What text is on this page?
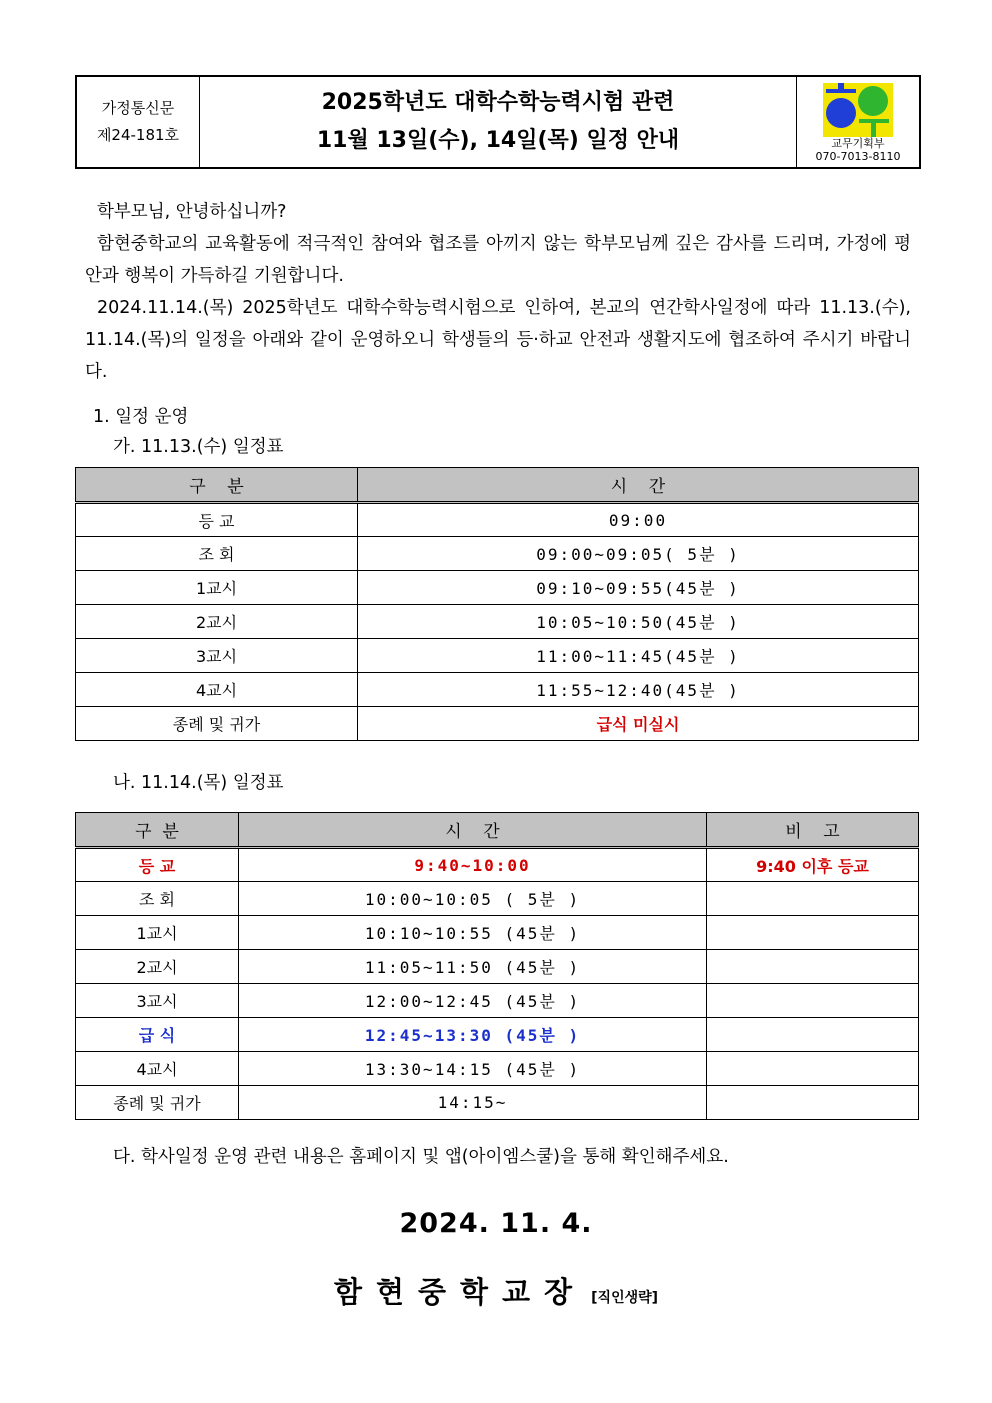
가정통신문
제24-181호
2025학년도 대학수학능력시험 관련
11월 13일(수), 14일(목) 일정 안내	교무기획부
070-7013-8110

학부모님, 안녕하십니까?

함현중학교의 교육활동에 적극적인 참여와 협조를 아끼지 않는 학부모님께 깊은 감사를 드리며, 가정에 평안과 행복이 가득하길 기원합니다.

2024.11.14.(목) 2025학년도 대학수학능력시험으로 인하여, 본교의 연간학사일정에 따라 11.13.(수), 11.14.(목)의 일정을 아래와 같이 운영하오니 학생들의 등·하교 안전과 생활지도에 협조하여 주시기 바랍니다.

1. 일정 운영
가. 11.13.(수) 일정표
구    분	시    간
등 교	09:00
조 회	09:00~09:05( 5분 )
1교시	09:10~09:55(45분 )
2교시	10:05~10:50(45분 )
3교시	11:00~11:45(45분 )
4교시	11:55~12:40(45분 )
종례 및 귀가	급식 미실시
나. 11.14.(목) 일정표
구  분	시    간	비    고
등 교	9:40~10:00	9:40 이후 등교
조 회	10:00~10:05 ( 5분 )	
1교시	10:10~10:55 (45분 )	
2교시	11:05~11:50 (45분 )	
3교시	12:00~12:45 (45분 )	
급 식	12:45~13:30 (45분 )	
4교시	13:30~14:15 (45분 )	
종례 및 귀가	14:15~	
다. 학사일정 운영 관련 내용은 홈페이지 및 앱(아이엠스쿨)을 통해 확인해주세요.
2024. 11. 4.
함현중학교장 [직인생략]
